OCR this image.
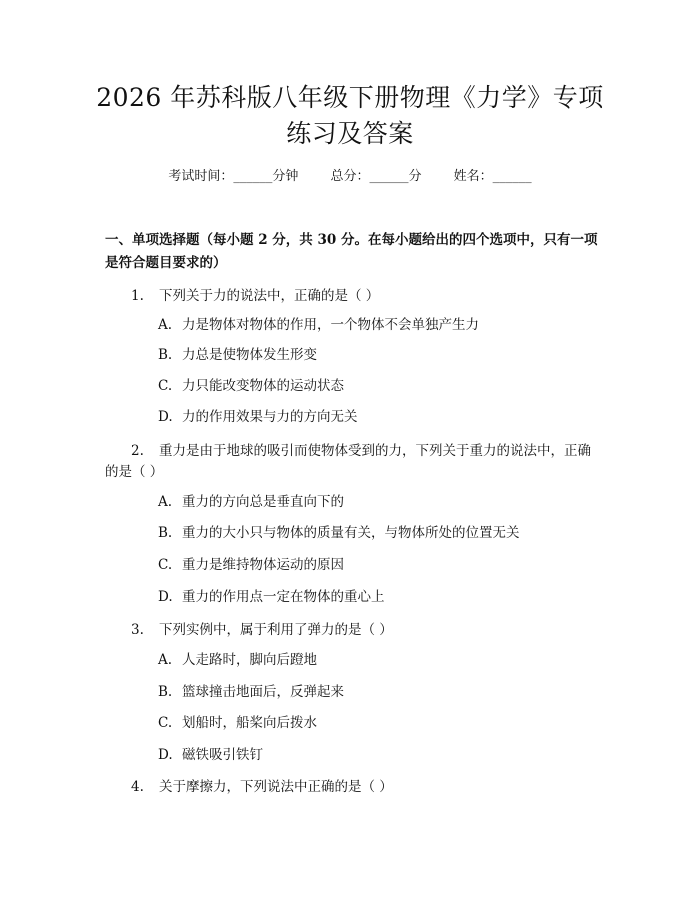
2026 年苏科版八年级下册物理《力学》专项
练习及答案
考试时间：______分钟 总分：______分 姓名：______
一、单项选择题（每小题 2 分，共 30 分。在每小题给出的四个选项中，只有一项
是符合题目要求的）
1. 下列关于力的说法中，正确的是（ ）
A. 力是物体对物体的作用，一个物体不会单独产生力
B. 力总是使物体发生形变
C. 力只能改变物体的运动状态
D. 力的作用效果与力的方向无关
2. 重力是由于地球的吸引而使物体受到的力，下列关于重力的说法中，正确
的是（ ）
A. 重力的方向总是垂直向下的
B. 重力的大小只与物体的质量有关，与物体所处的位置无关
C. 重力是维持物体运动的原因
D. 重力的作用点一定在物体的重心上
3. 下列实例中，属于利用了弹力的是（ ）
A. 人走路时，脚向后蹬地
B. 篮球撞击地面后，反弹起来
C. 划船时，船桨向后拨水
D. 磁铁吸引铁钉
4. 关于摩擦力，下列说法中正确的是（ ）
